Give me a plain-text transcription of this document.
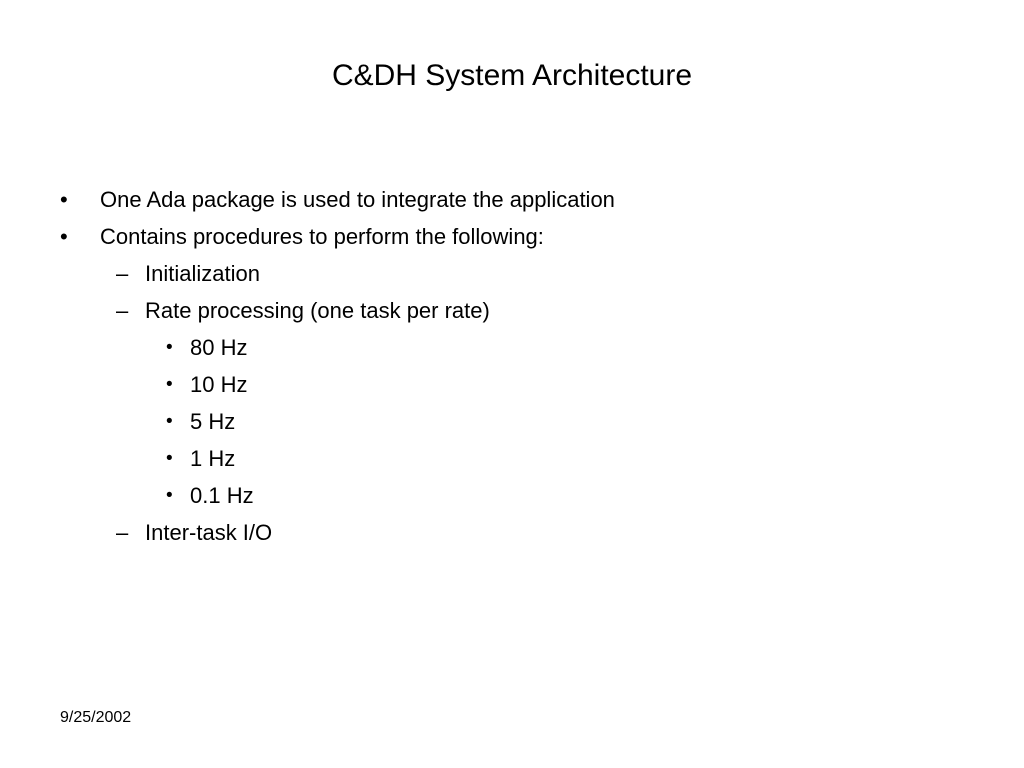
C&DH System Architecture
• One Ada package is used to integrate the application
• Contains procedures to perform the following:
– Initialization
– Rate processing (one task per rate)
• 80 Hz
• 10 Hz
• 5 Hz
• 1 Hz
• 0.1 Hz
– Inter-task I/O
9/25/2002
